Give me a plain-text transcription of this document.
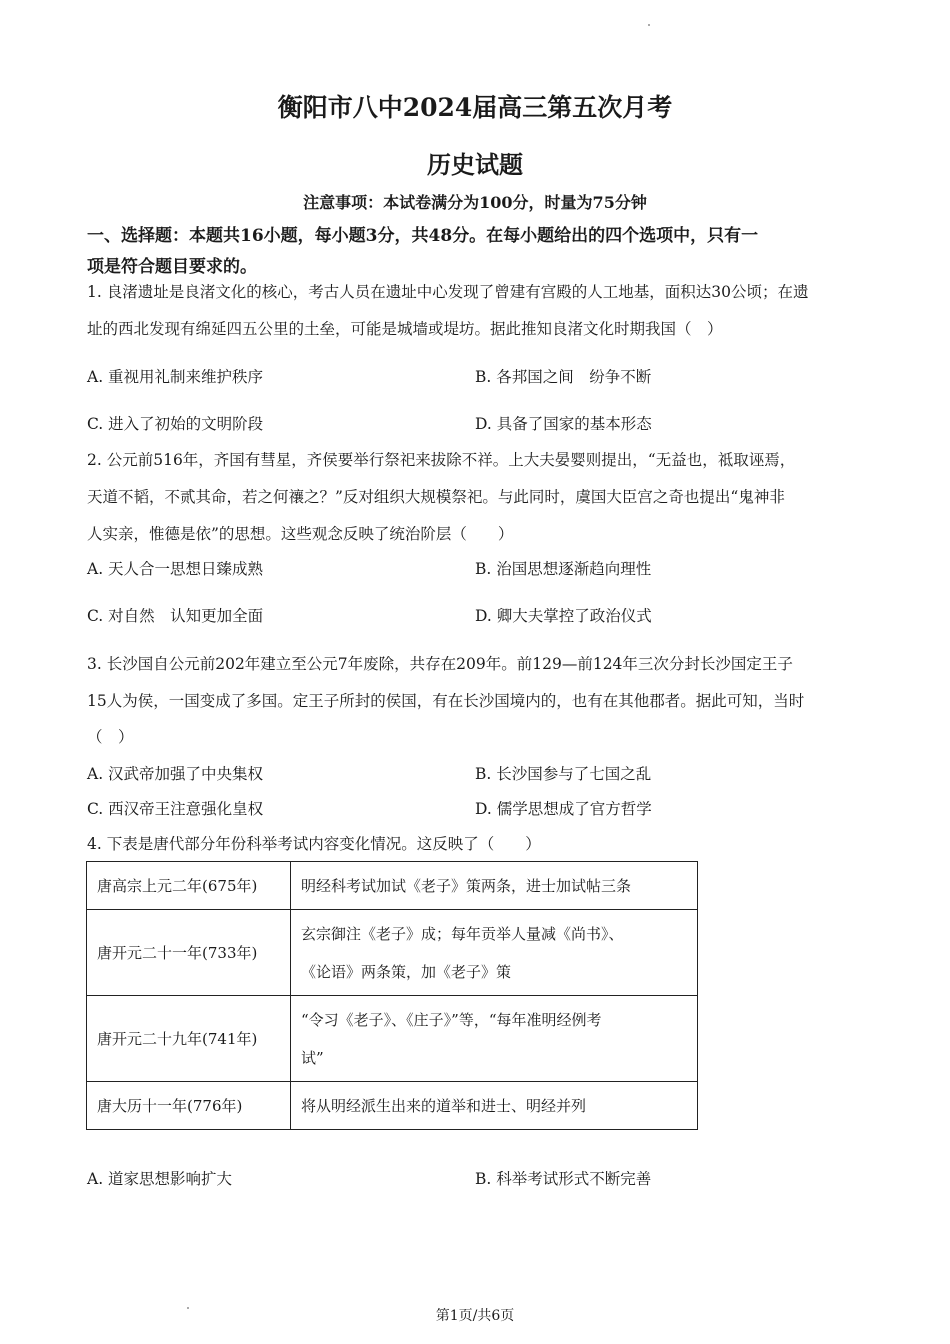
衡阳市八中2024届高三第五次月考
历史试题
注意事项：本试卷满分为100分，时量为75分钟
一、选择题：本题共16小题，每小题3分，共48分。在每小题给出的四个选项中，只有一
项是符合题目要求的。
1. 良渚遗址是良渚文化的核心，考古人员在遗址中心发现了曾建有宫殿的人工地基，面积达30公顷；在遗
址的西北发现有绵延四五公里的土垒，可能是城墙或堤坊。据此推知良渚文化时期我国（　）
A. 重视用礼制来维护秩序	B. 各邦国之间　纷争不断
C. 进入了初始的文明阶段	D. 具备了国家的基本形态
2. 公元前516年，齐国有彗星，齐侯要举行祭祀来拔除不祥。上大夫晏婴则提出，“无益也，祗取诬焉，
天道不韬，不贰其命，若之何禳之？”反对组织大规模祭祀。与此同时，虞国大臣宫之奇也提出“鬼神非
人实亲，惟德是依”的思想。这些观念反映了统治阶层（　　）
A. 天人合一思想日臻成熟	B. 治国思想逐渐趋向理性
C. 对自然　认知更加全面	D. 卿大夫掌控了政治仪式
3. 长沙国自公元前202年建立至公元7年废除，共存在209年。前129—前124年三次分封长沙国定王子
15人为侯，一国变成了多国。定王子所封的侯国，有在长沙国境内的，也有在其他郡者。据此可知，当时
（　）
A. 汉武帝加强了中央集权	B. 长沙国参与了七国之乱
C. 西汉帝王注意强化皇权	D. 儒学思想成了官方哲学
4. 下表是唐代部分年份科举考试内容变化情况。这反映了（　　）
唐高宗上元二年(675年)	明经科考试加试《老子》策两条，进士加试帖三条
唐开元二十一年(733年)	玄宗御注《老子》成；每年贡举人量减《尚书》、
《论语》两条策，加《老子》策
唐开元二十九年(741年)	“令习《老子》、《庄子》”等，“每年准明经例考
试”
唐大历十一年(776年)	将从明经派生出来的道举和进士、明经并列
A. 道家思想影响扩大	B. 科举考试形式不断完善
第1页/共6页
